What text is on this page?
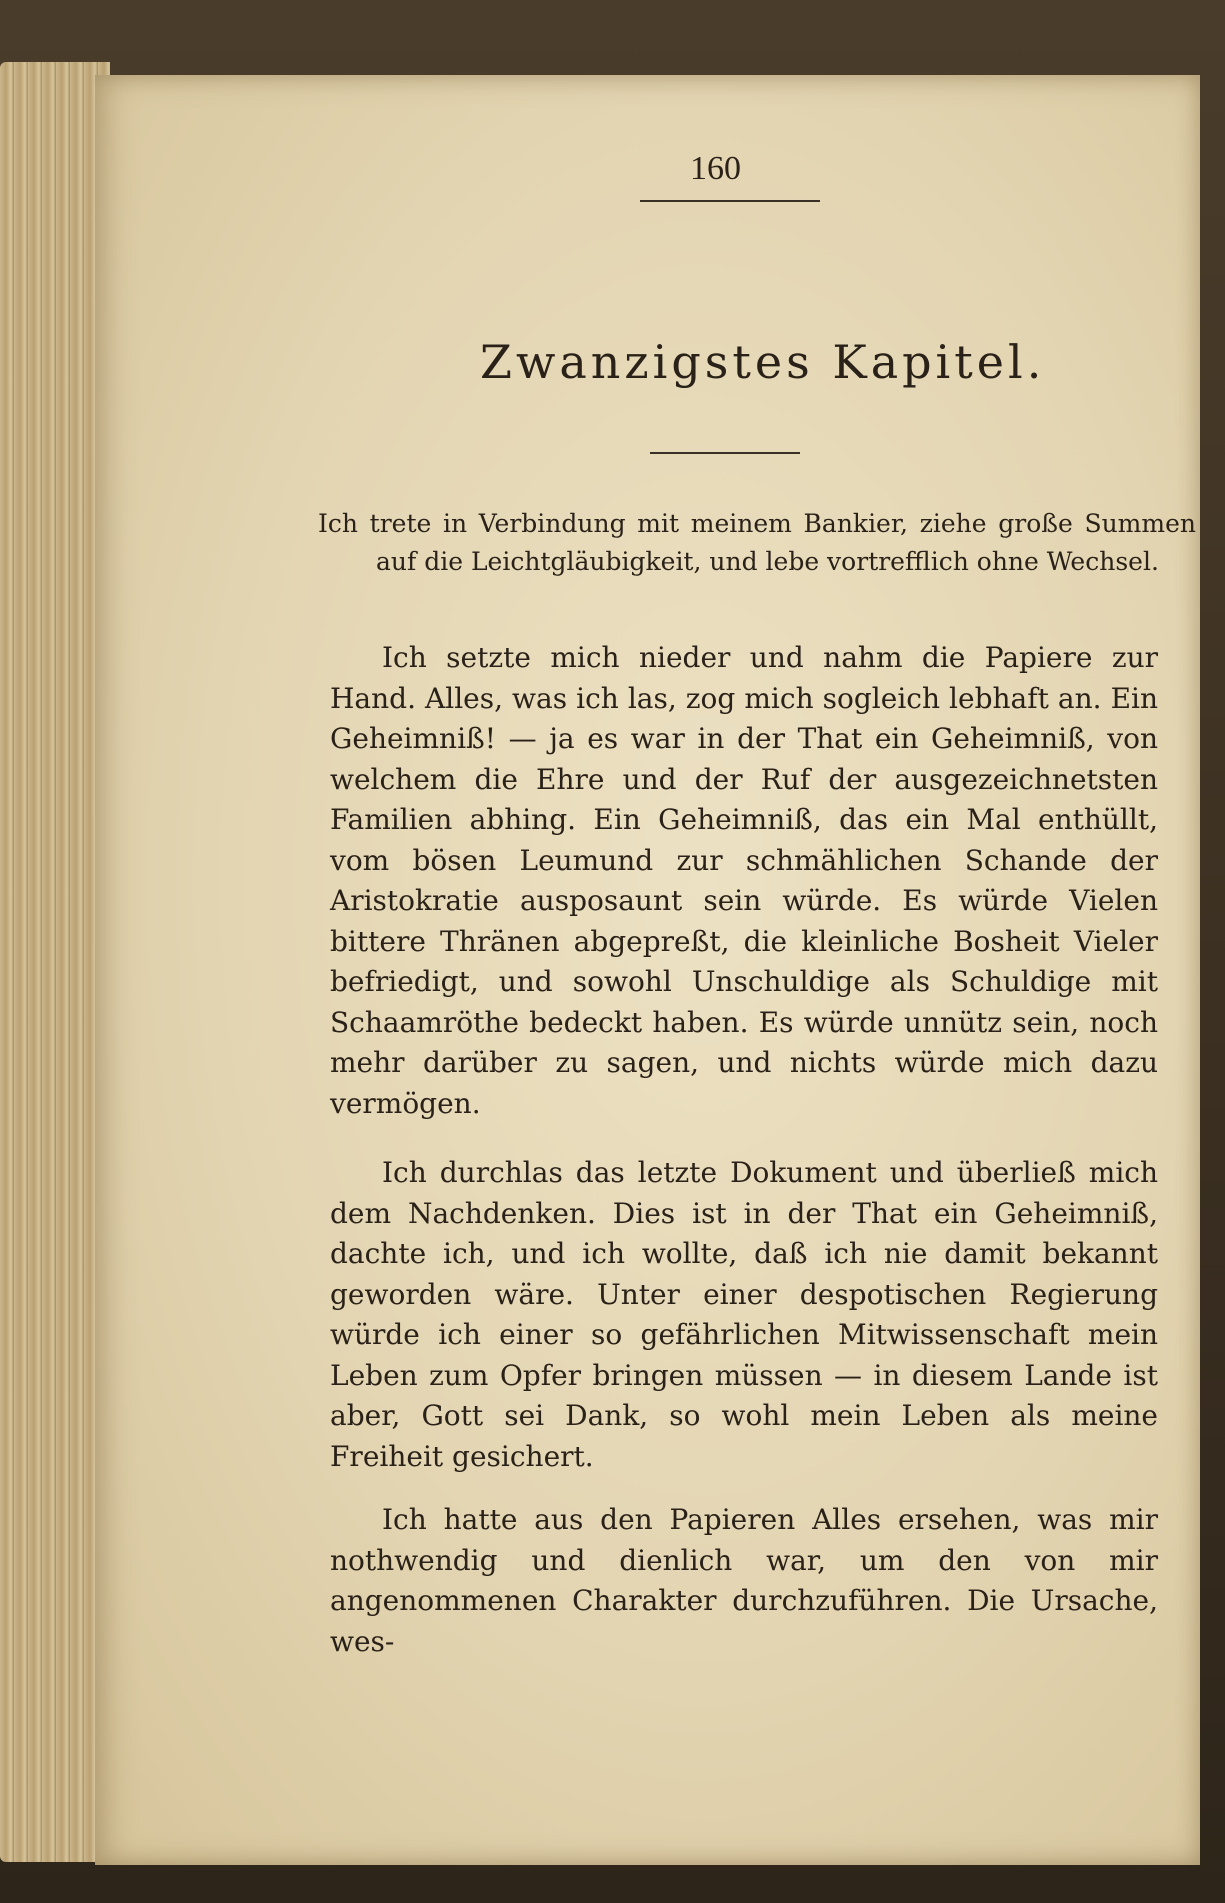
160
Zwanzigstes Kapitel.
Ich trete in Verbindung mit meinem Bankier, ziehe große Summen auf die Leichtgläubigkeit, und lebe vortrefflich ohne Wechsel.

Ich setzte mich nieder und nahm die Papiere zur Hand. Alles, was ich las, zog mich sogleich lebhaft an. Ein Geheimniß! — ja es war in der That ein Geheimniß, von welchem die Ehre und der Ruf der ausgezeichnetsten Familien abhing. Ein Geheimniß, das ein Mal enthüllt, vom bösen Leumund zur schmählichen Schande der Aristokratie ausposaunt sein würde. Es würde Vielen bittere Thränen abgepreßt, die kleinliche Bosheit Vieler befriedigt, und sowohl Unschuldige als Schuldige mit Schaamröthe bedeckt haben. Es würde unnütz sein, noch mehr darüber zu sagen, und nichts würde mich dazu vermögen.

Ich durchlas das letzte Dokument und überließ mich dem Nachdenken. Dies ist in der That ein Geheimniß, dachte ich, und ich wollte, daß ich nie damit bekannt geworden wäre. Unter einer despotischen Regierung würde ich einer so gefährlichen Mitwissenschaft mein Leben zum Opfer bringen müssen — in diesem Lande ist aber, Gott sei Dank, so wohl mein Leben als meine Freiheit gesichert.

Ich hatte aus den Papieren Alles ersehen, was mir nothwendig und dienlich war, um den von mir angenommenen Charakter durchzuführen. Die Ursache, wes-
